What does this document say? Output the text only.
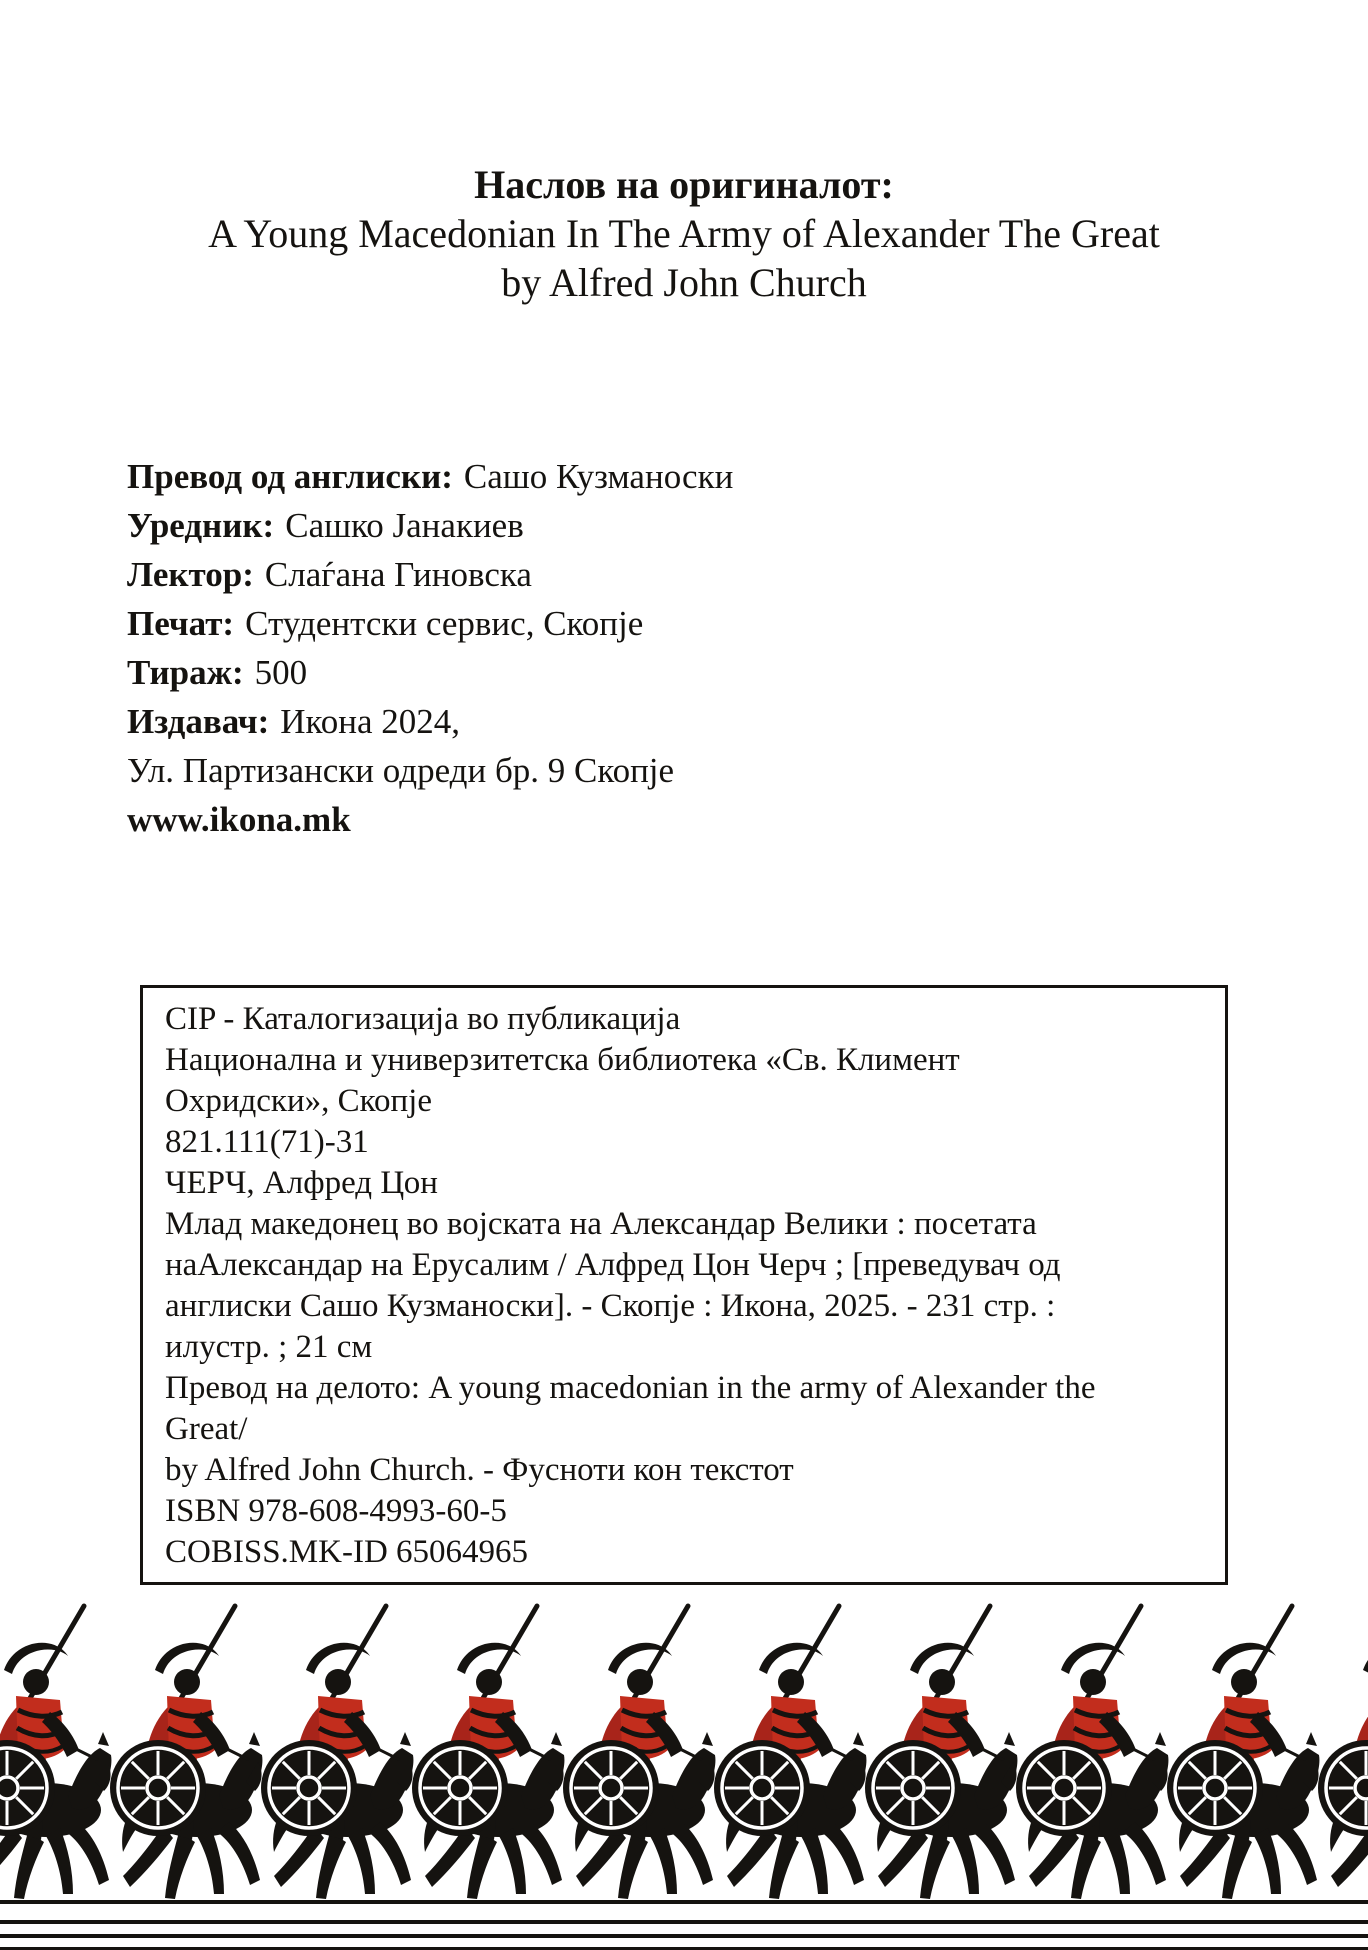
Наслов на оригиналот:
A Young Macedonian In The Army of Alexander The Great
by Alfred John Church
Превод од англиски: Сашо Кузманоски
Уредник: Сашко Јанакиев
Лектор: Слаѓана Гиновска
Печат: Студентски сервис, Скопје
Тираж: 500
Издавач: Икона 2024,
Ул. Партизански одреди бр. 9 Скопје
www.ikona.mk
CIP - Каталогизација во публикација
Национална и универзитетска библиотека «Св. Климент
Охридски», Скопје
821.111(71)-31
ЧЕРЧ, Алфред Цон
Млад македонец во војската на Александар Велики : посетата
наАлександар на Ерусалим / Алфред Цон Черч ; [преведувач од
англиски Сашо Кузманоски]. - Скопје : Икона, 2025. - 231 стр. :
илустр. ; 21 см
Превод на делото: A young macedonian in the army of Alexander the
Great/
by Alfred John Church. - Фусноти кон текстот
ISBN 978-608-4993-60-5
COBISS.MK-ID 65064965
